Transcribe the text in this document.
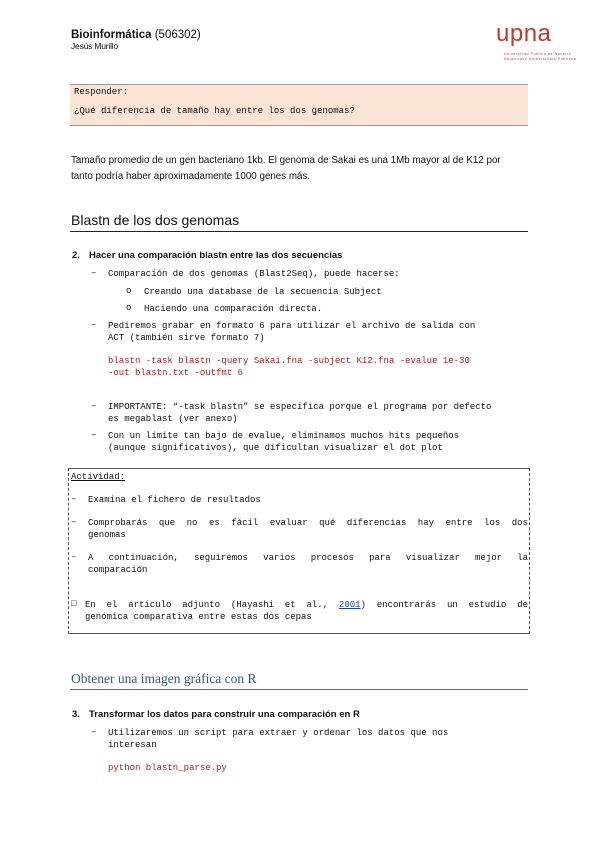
Bioinformática (506302)
Jesús Murillo	upna
Universidad Pública de Navarra
Nafarroako Unibertsitate Publikoa
Responder:
¿Qué diferencia de tamaño hay entre los dos genomas?
Tamaño promedio de un gen bacteriano 1kb. El genoma de Sakai es una 1Mb mayor al de K12 por
tanto podría haber aproximadamente 1000 genes más.
Blastn de los dos genomas
2. Hacer una comparación blastn entre las dos secuencias
– Comparación de dos genomas (Blast2Seq), puede hacerse:
o Creando una database de la secuencia Subject
o Haciendo una comparación directa.
– Pediremos grabar en formato 6 para utilizar el archivo de salida con
ACT (también sirve formato 7)
blastn -task blastn -query Sakai.fna -subject K12.fna -evalue 1e-30
-out blastn.txt -outfmt 6
– IMPORTANTE: “-task blastn” se especifica porque el programa por defecto
es megablast (ver anexo)
– Con un límite tan bajo de evalue, eliminamos muchos hits pequeños
(aunque significativos), que dificultan visualizar el dot plot
Actividad:
– Examina el fichero de resultados
– Comprobarás que no es fácil evaluar qué diferencias hay entre los dos
genomas
– A continuación, seguiremos varios procesos para visualizar mejor la
comparación
□ En el artículo adjunto (Hayashi et al., 2001) encontrarás un estudio de
genómica comparativa entre estas dos cepas
Obtener una imagen gráfica con R
3. Transformar los datos para construir una comparación en R
– Utilizaremos un script para extraer y ordenar los datos que nos
interesan
python blastn_parse.py
